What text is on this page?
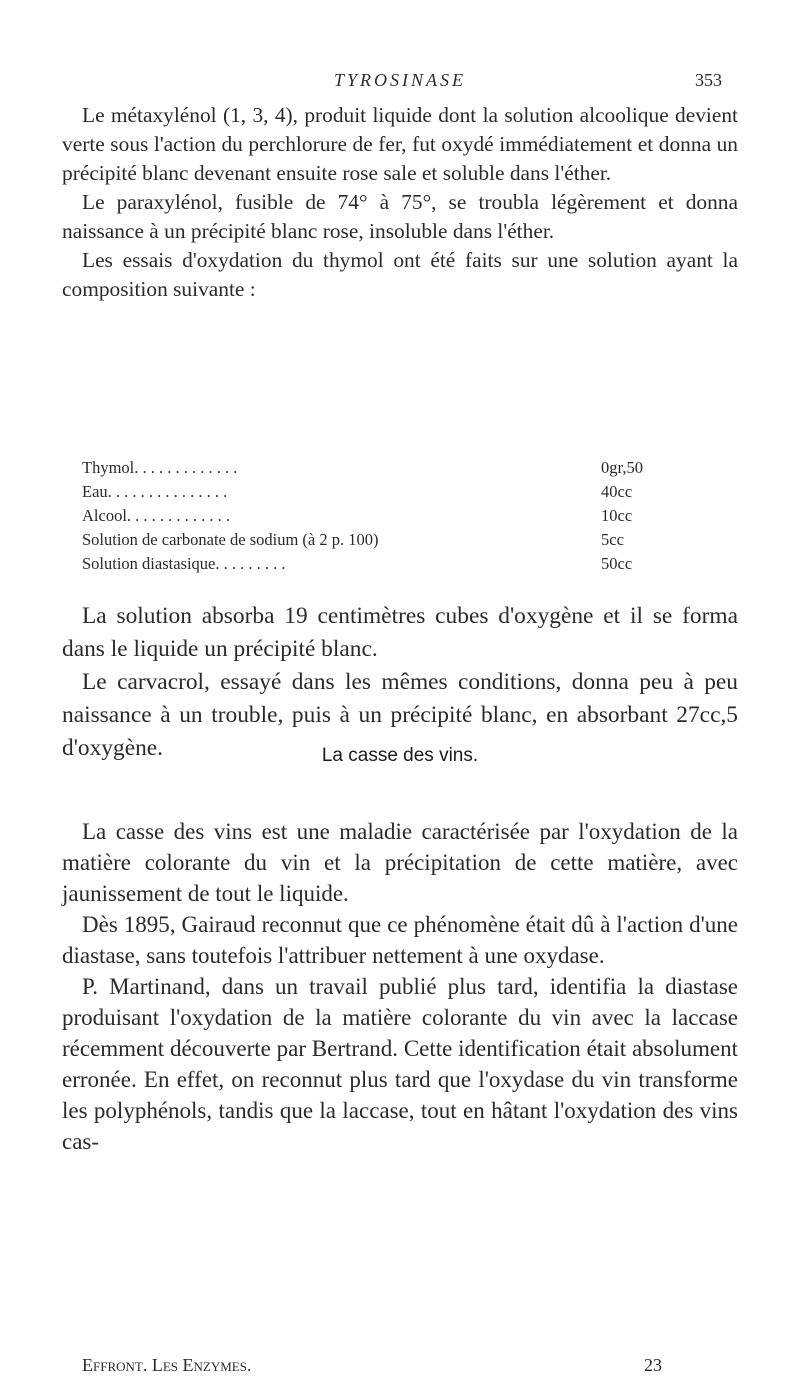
TYROSINASE	353

Le métaxylénol (1, 3, 4), produit liquide dont la solution alcoolique devient verte sous l'action du perchlorure de fer, fut oxydé immédiatement et donna un précipité blanc devenant ensuite rose sale et soluble dans l'éther.

Le paraxylénol, fusible de 74° à 75°, se troubla légèrement et donna naissance à un précipité blanc rose, insoluble dans l'éther.

Les essais d'oxydation du thymol ont été faits sur une solution ayant la composition suivante :

Thymol. . . . . . . . . . . . .	0gr,50
Eau. . . . . . . . . . . . . . .	40cc
Alcool. . . . . . . . . . . . .	10cc
Solution de carbonate de sodium (à 2 p. 100)	5cc
Solution diastasique. . . . . . . . .	50cc

La solution absorba 19 centimètres cubes d'oxygène et il se forma dans le liquide un précipité blanc.

Le carvacrol, essayé dans les mêmes conditions, donna peu à peu naissance à un trouble, puis à un précipité blanc, en absorbant 27cc,5 d'oxygène.	La casse des vins.

La casse des vins est une maladie caractérisée par l'oxydation de la matière colorante du vin et la précipitation de cette matière, avec jaunissement de tout le liquide.

Dès 1895, Gairaud reconnut que ce phénomène était dû à l'action d'une diastase, sans toutefois l'attribuer nettement à une oxydase.

P. Martinand, dans un travail publié plus tard, identifia la diastase produisant l'oxydation de la matière colorante du vin avec la laccase récemment découverte par Bertrand. Cette identification était absolument erronée. En effet, on reconnut plus tard que l'oxydase du vin transforme les polyphénols, tandis que la laccase, tout en hâtant l'oxydation des vins cas-

Effront. Les Enzymes.	23
